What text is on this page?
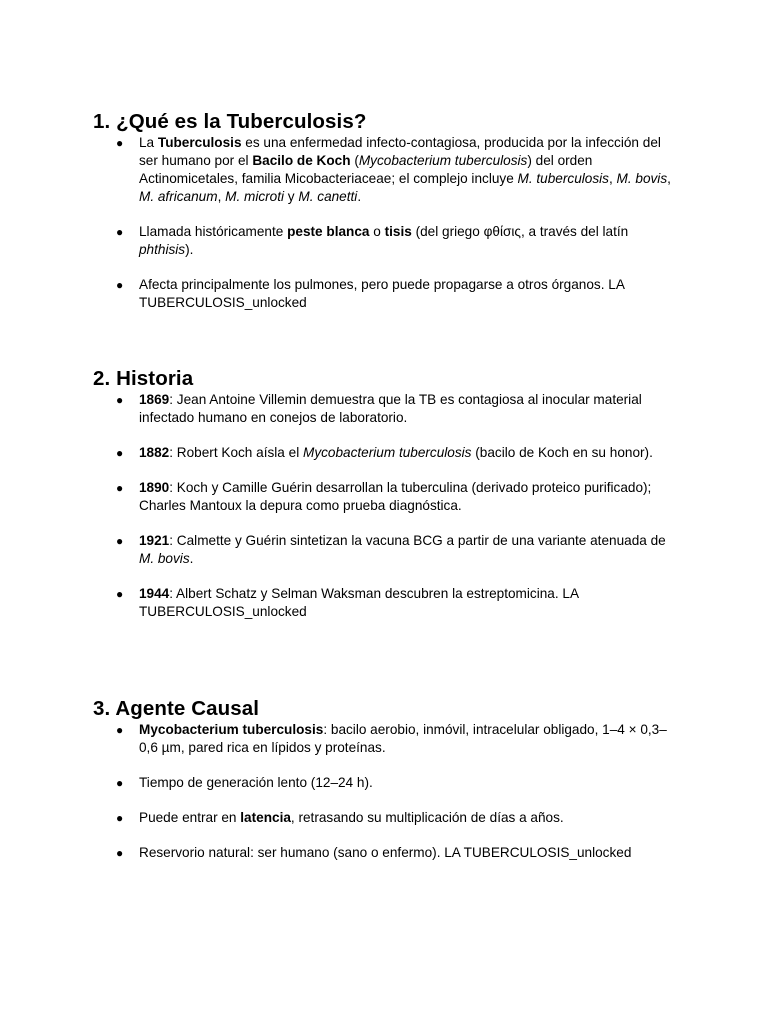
1. ¿Qué es la Tuberculosis?
● La Tuberculosis es una enfermedad infecto-contagiosa, producida por la infección del ser humano por el Bacilo de Koch (Mycobacterium tuberculosis) del orden Actinomicetales, familia Micobacteriaceae; el complejo incluye M. tuberculosis, M. bovis, M. africanum, M. microti y M. canetti.
● Llamada históricamente peste blanca o tisis (del griego φθίσις, a través del latín phthisis).
● Afecta principalmente los pulmones, pero puede propagarse a otros órganos. LA TUBERCULOSIS_unlocked
2. Historia
● 1869: Jean Antoine Villemin demuestra que la TB es contagiosa al inocular material infectado humano en conejos de laboratorio.
● 1882: Robert Koch aísla el Mycobacterium tuberculosis (bacilo de Koch en su honor).
● 1890: Koch y Camille Guérin desarrollan la tuberculina (derivado proteico purificado); Charles Mantoux la depura como prueba diagnóstica.
● 1921: Calmette y Guérin sintetizan la vacuna BCG a partir de una variante atenuada de M. bovis.
● 1944: Albert Schatz y Selman Waksman descubren la estreptomicina. LA TUBERCULOSIS_unlocked
3. Agente Causal
● Mycobacterium tuberculosis: bacilo aerobio, inmóvil, intracelular obligado, 1–4 × 0,3–0,6 µm, pared rica en lípidos y proteínas.
● Tiempo de generación lento (12–24 h).
● Puede entrar en latencia, retrasando su multiplicación de días a años.
● Reservorio natural: ser humano (sano o enfermo). LA TUBERCULOSIS_unlocked
